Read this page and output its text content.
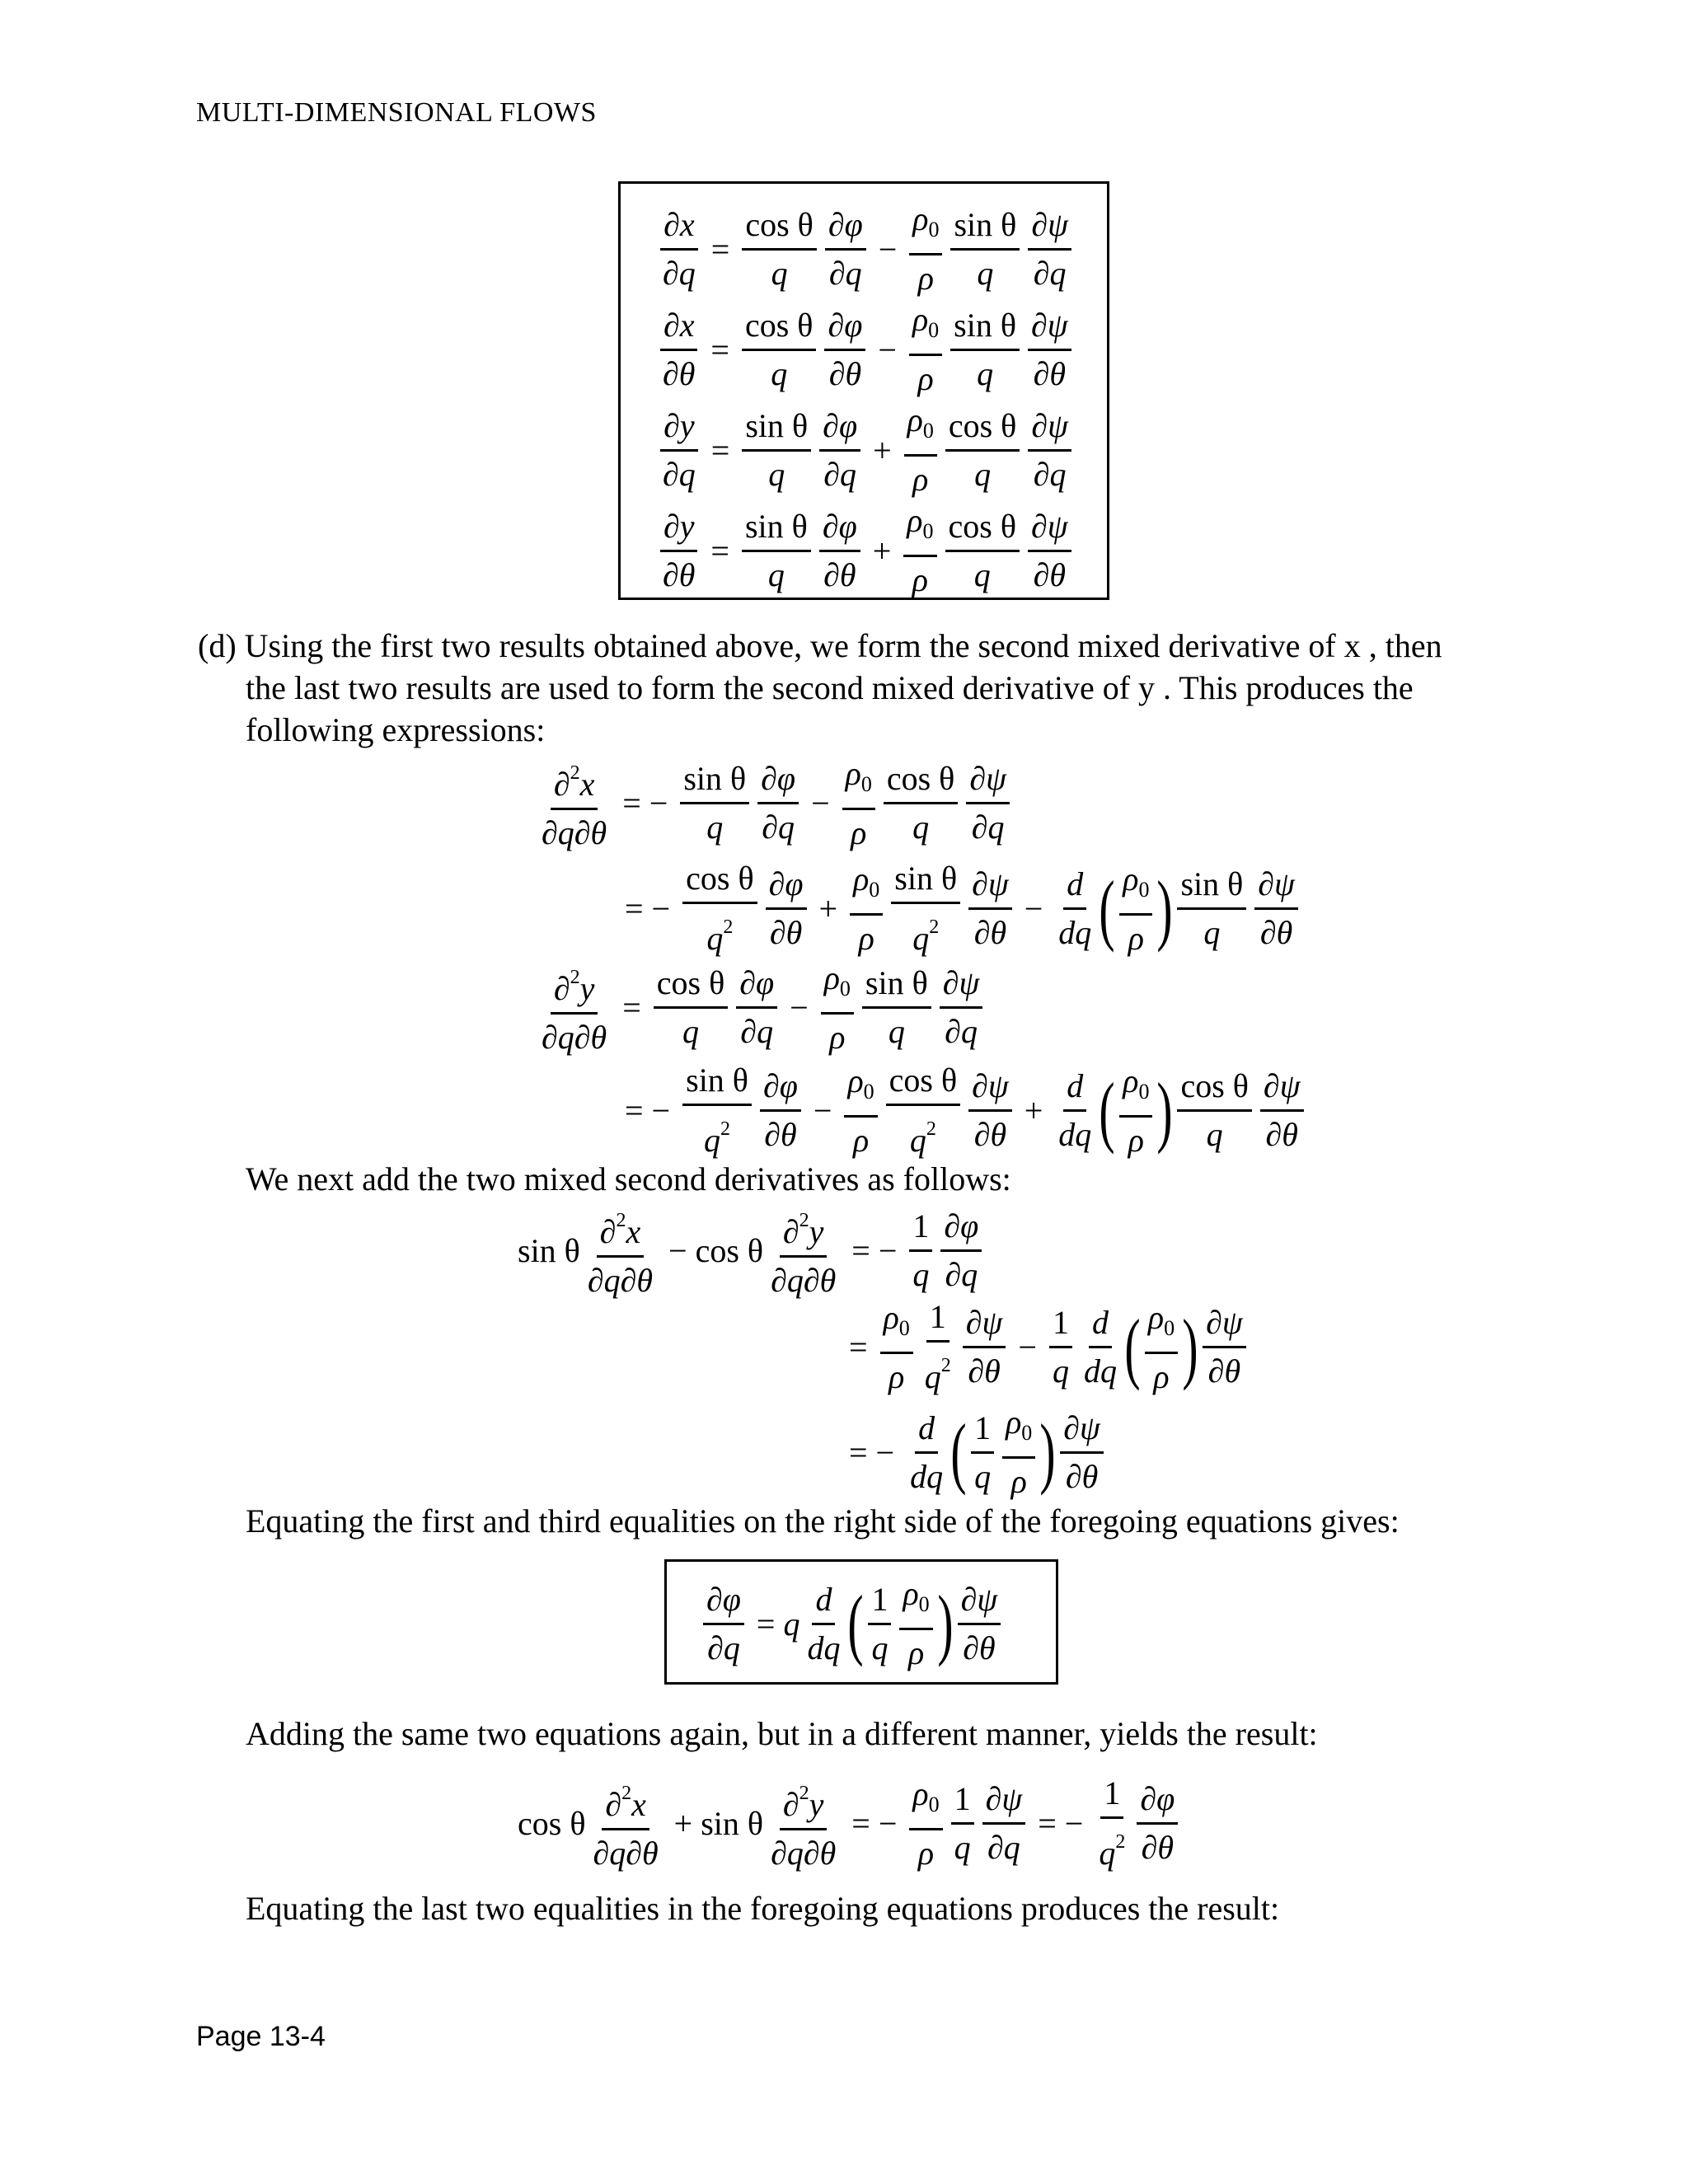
MULTI-DIMENSIONAL FLOWS
$\frac{\partial x}{\partial q} = \frac{\text{cos θ}}{q} \frac{\partial\varphi}{\partial q} - \frac{\rho_0}{\rho} \frac{\text{sin θ}}{q} \frac{\partial\psi}{\partial q}$
$\frac{\partial x}{\partial\theta} = \frac{\text{cos θ}}{q} \frac{\partial\varphi}{\partial\theta} - \frac{\rho_0}{\rho} \frac{\text{sin θ}}{q} \frac{\partial\psi}{\partial\theta}$
$\frac{\partial y}{\partial q} = \frac{\text{sin θ}}{q} \frac{\partial\varphi}{\partial q} + \frac{\rho_0}{\rho} \frac{\text{cos θ}}{q} \frac{\partial\psi}{\partial q}$
$\frac{\partial y}{\partial\theta} = \frac{\text{sin θ}}{q} \frac{\partial\varphi}{\partial\theta} + \frac{\rho_0}{\rho} \frac{\text{cos θ}}{q} \frac{\partial\psi}{\partial\theta}$
(d) Using the first two results obtained above, we form the second mixed derivative of x , then
the last two results are used to form the second mixed derivative of y . This produces the
following expressions:
$\frac{\partial^2x}{\partial q\partial\theta}$ = − $\frac{\text{sin θ}}{q} \frac{\partial\varphi}{\partial q} - \frac{\rho_0}{\rho} \frac{\text{cos θ}}{q} \frac{\partial\psi}{\partial q}$
= − $\frac{\text{cos θ}}{q^2} \frac{\partial\varphi}{\partial\theta} + \frac{\rho_0}{\rho} \frac{\text{sin θ}}{q^2} \frac{\partial\psi}{\partial\theta} - \frac{d}{dq}$ ( $\frac{\rho_0}{\rho}$ ) $\frac{\text{sin θ}}{q} \frac{\partial\psi}{\partial\theta}$
$\frac{\partial^2y}{\partial q\partial\theta} = \frac{\text{cos θ}}{q} \frac{\partial\varphi}{\partial q} - \frac{\rho_0}{\rho} \frac{\text{sin θ}}{q} \frac{\partial\psi}{\partial q}$
= − $\frac{\text{sin θ}}{q^2} \frac{\partial\varphi}{\partial\theta} - \frac{\rho_0}{\rho} \frac{\text{cos θ}}{q^2} \frac{\partial\psi}{\partial\theta} + \frac{d}{dq}$ ( $\frac{\rho_0}{\rho}$ ) $\frac{\text{cos θ}}{q} \frac{\partial\psi}{\partial\theta}$
We next add the two mixed second derivatives as follows:
sin θ $\frac{\partial^2x}{\partial q\partial\theta} - \cos \theta \frac{\partial^2y}{\partial q\partial\theta}$ = − $\frac{1}{q} \frac{\partial\varphi}{\partial q}$
= $\frac{\rho_0}{\rho} \frac{1}{q^2} \frac{\partial\psi}{\partial\theta} - \frac{1}{q} \frac{d}{dq}$ ( $\frac{\rho_0}{\rho}$ ) $\frac{\partial\psi}{\partial\theta}$
= − $\frac{d}{dq}$ ( $\frac{1}{q} \frac{\rho_0}{\rho}$ ) $\frac{\partial\psi}{\partial\theta}$
Equating the first and third equalities on the right side of the foregoing equations gives:
$\frac{\partial\varphi}{\partial q} = q \frac{d}{dq}$ ( $\frac{1}{q} \frac{\rho_0}{\rho}$ ) $\frac{\partial\psi}{\partial\theta}$
Adding the same two equations again, but in a different manner, yields the result:
cos θ $\frac{\partial^2x}{\partial q\partial\theta} + \sin \theta \frac{\partial^2y}{\partial q\partial\theta}$ = − $\frac{\rho_0}{\rho} \frac{1}{q} \frac{\partial\psi}{\partial q}$ = − $\frac{1}{q^2} \frac{\partial\varphi}{\partial\theta}$
Equating the last two equalities in the foregoing equations produces the result:
Page 13-4
